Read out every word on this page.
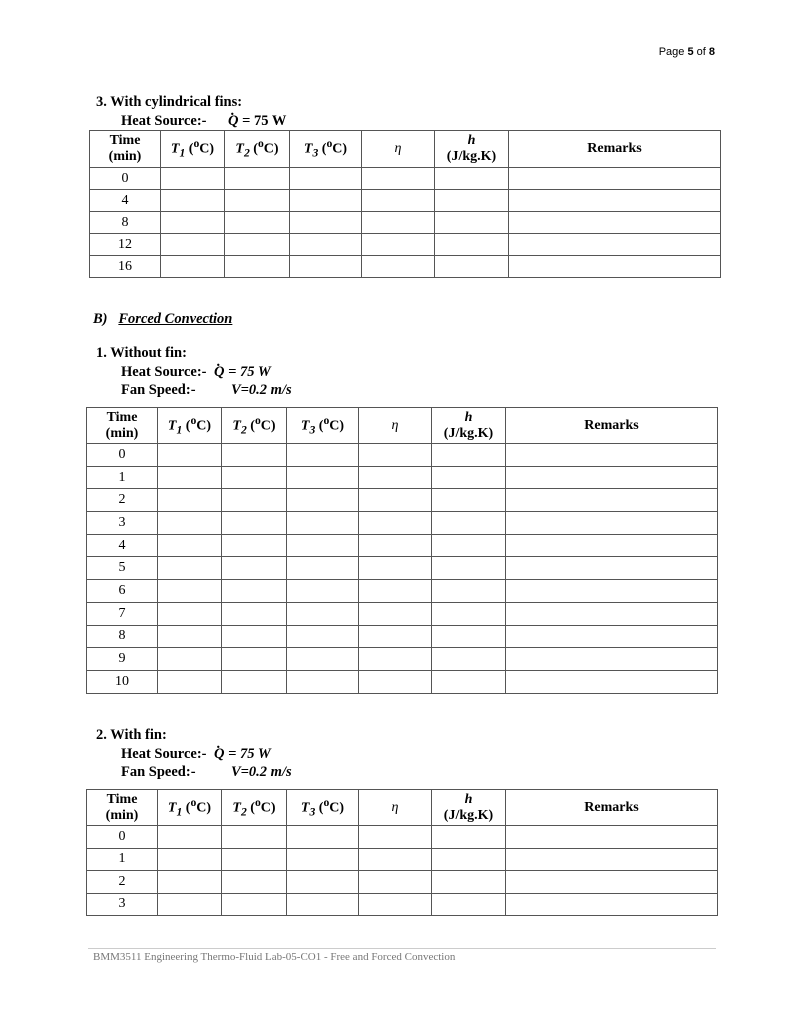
Page 5 of 8
3. With cylindrical fins:
Heat Source:- . Q = 75 W
Time
(min)	$T_1$ ($^o$C)	$T_2$ ($^o$C)	$T_3$ ($^o$C)	η	h
(J/kg.K)	Remarks
0						
4						
8						
12						
16						
B) Forced Convection
1. Without fin:
Heat Source:- . Q = 75 W
Fan Speed:- V=0.2 m/s
Time
(min)	$T_1$ ($^o$C)	$T_2$ ($^o$C)	$T_3$ ($^o$C)	η	h
(J/kg.K)	Remarks
0						
1						
2						
3						
4						
5						
6						
7						
8						
9						
10						
2. With fin:
Heat Source:- . Q = 75 W
Fan Speed:- V=0.2 m/s
Time
(min)	$T_1$ ($^o$C)	$T_2$ ($^o$C)	$T_3$ ($^o$C)	η	h
(J/kg.K)	Remarks
0						
1						
2						
3						
BMM3511 Engineering Thermo-Fluid Lab-05-CO1 - Free and Forced Convection
